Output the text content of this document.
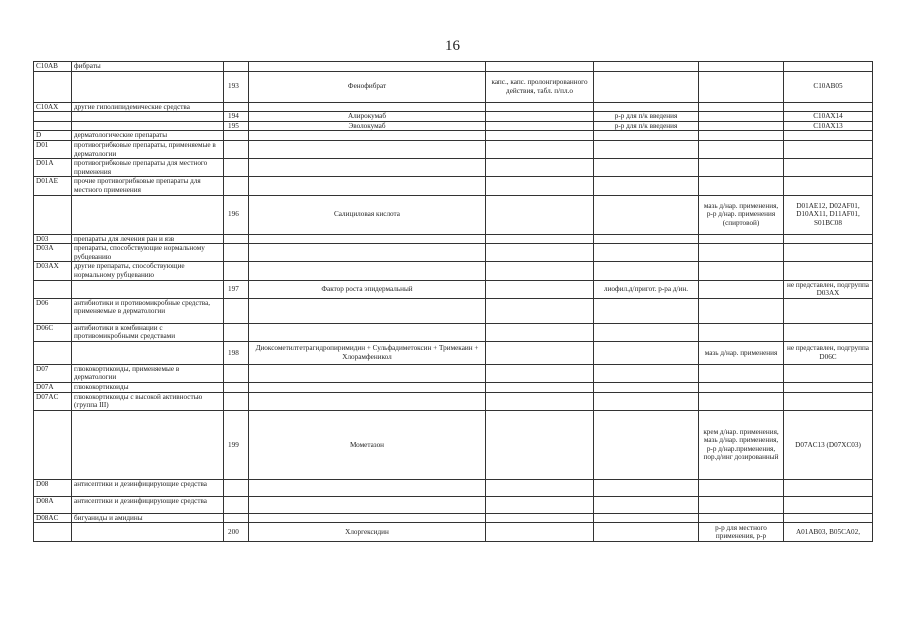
16
C10AB	фибраты						
		193	Фенофибрат	капс., капс. пролонгированного действия, табл. п/пл.о			C10AB05
C10AX	другие гиполипидемические средства						
		194	Алирокумаб		р-р для п/к введения		C10AX14
		195	Эволокумаб		р-р для п/к введения		C10AX13
D	дерматологические препараты						
D01	противогрибковые препараты, применяемые в дерматологии						
D01A	противогрибковые препараты для местного применения						
D01AE	прочие противогрибковые препараты для местного применения						
		196	Салициловая кислота			мазь д/нар. применения, р-р д/нар. применения (спиртовой)	D01AE12, D02AF01, D10AX11, D11AF01, S01BC08
D03	препараты для лечения ран и язв						
D03A	препараты, способствующие нормальному рубцеванию						
D03AX	другие препараты, способствующие нормальному рубцеванию						
		197	Фактор роста эпидермальный		лиофил.д/пригот. р-ра д/ин.		не представлен, подгруппа D03AX
D06	антибиотики и противомикробные средства, применяемые в дерматологии						
D06C	антибиотики в комбинации с противомикробными средствами						
		198	Диоксометилтетрагидропиримидин + Сульфадиметоксин + Тримекаин + Хлорамфеникол			мазь д/нар. применения	не представлен, подгруппа D06C
D07	глюкокортикоиды, применяемые в дерматологии						
D07A	глюкокортикоиды						
D07AC	глюкокортикоиды с высокой активностью (группа III)						
		199	Мометазон			крем д/нар. применения, мазь д/нар. применения, р-р д/нар.применения, пор.д/инг дозированный	D07AC13 (D07XC03)
D08	антисептики и дезинфицирующие средства						
D08A	антисептики и дезинфицирующие средства						
D08AC	бигуаниды и амидины						
		200	Хлоргексидин			р-р для местного применения, р-р	A01AB03, B05CA02,
